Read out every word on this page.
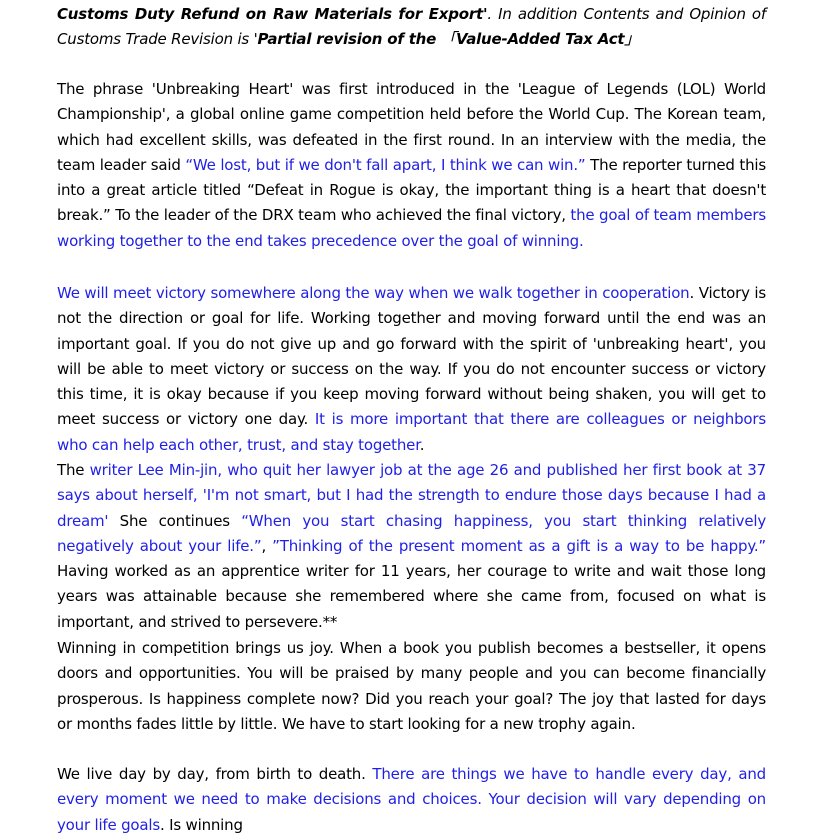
Customs Duty Refund on Raw Materials for Export'. In addition Contents and Opinion of Customs Trade Revision is 'Partial revision of the 「Value-Added Tax Act」

The phrase 'Unbreaking Heart' was first introduced in the 'League of Legends (LOL) World Championship', a global online game competition held before the World Cup. The Korean team, which had excellent skills, was defeated in the first round. In an interview with the media, the team leader said “We lost, but if we don't fall apart, I think we can win.” The reporter turned this into a great article titled “Defeat in Rogue is okay, the important thing is a heart that doesn't break.” To the leader of the DRX team who achieved the final victory, the goal of team members working together to the end takes precedence over the goal of winning.

We will meet victory somewhere along the way when we walk together in cooperation. Victory is not the direction or goal for life. Working together and moving forward until the end was an important goal. If you do not give up and go forward with the spirit of 'unbreaking heart', you will be able to meet victory or success on the way. If you do not encounter success or victory this time, it is okay because if you keep moving forward without being shaken, you will get to meet success or victory one day. It is more important that there are colleagues or neighbors who can help each other, trust, and stay together.

The writer Lee Min-jin, who quit her lawyer job at the age 26 and published her first book at 37 says about herself, 'I'm not smart, but I had the strength to endure those days because I had a dream' She continues “When you start chasing happiness, you start thinking relatively negatively about your life.”, ”Thinking of the present moment as a gift is a way to be happy.” Having worked as an apprentice writer for 11 years, her courage to write and wait those long years was attainable because she remembered where she came from, focused on what is important, and strived to persevere.**

Winning in competition brings us joy. When a book you publish becomes a bestseller, it opens doors and opportunities. You will be praised by many people and you can become financially prosperous. Is happiness complete now? Did you reach your goal? The joy that lasted for days or months fades little by little. We have to start looking for a new trophy again.

We live day by day, from birth to death. There are things we have to handle every day, and every moment we need to make decisions and choices. Your decision will vary depending on your life goals. Is winning
